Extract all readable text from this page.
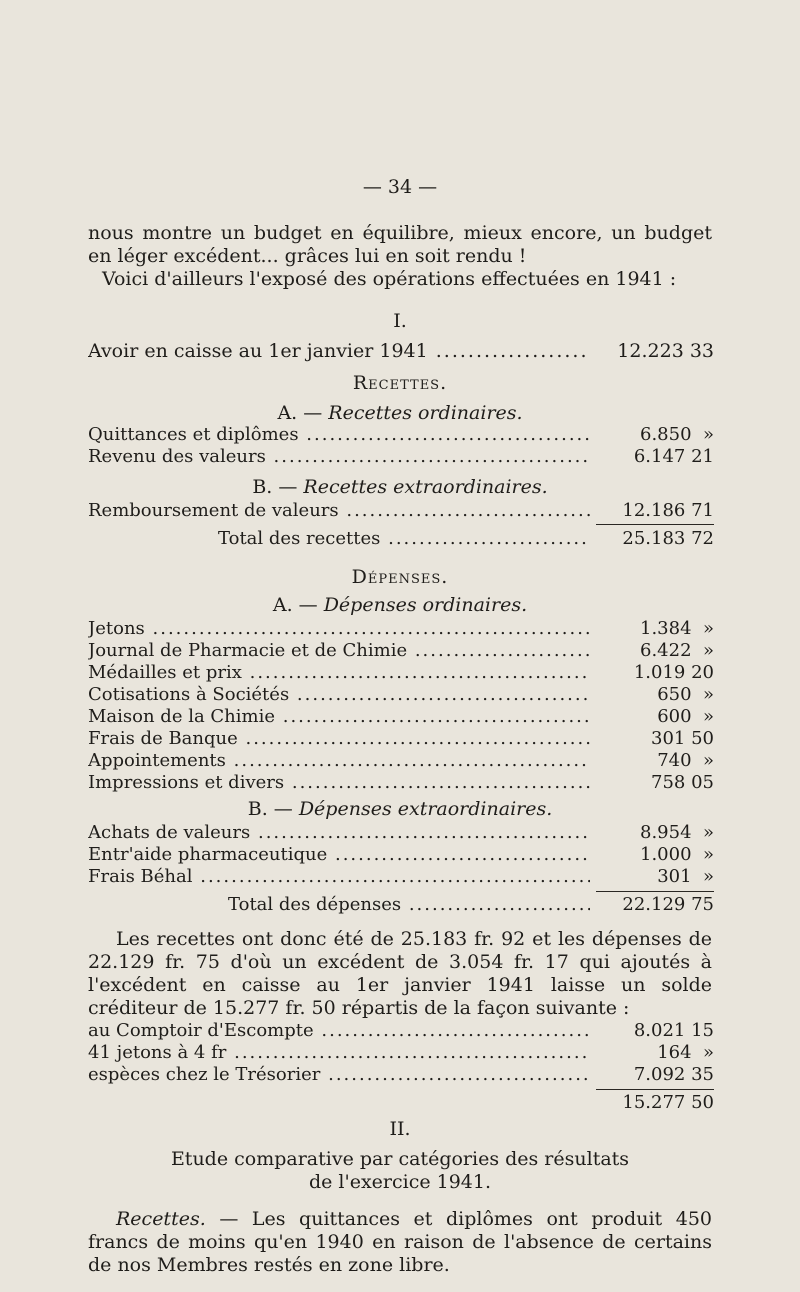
— 34 —
nous montre un budget en équilibre, mieux encore, un budget en léger excédent... grâces lui en soit rendu !
Voici d'ailleurs l'exposé des opérations effectuées en 1941 :
I.
Avoir en caisse au 1er janvier 1941 .....	12.223 33
Recettes.
A. — Recettes ordinaires.
Quittances et diplômes .....	6.850  »
Revenu des valeurs .....	6.147 21
B. — Recettes extraordinaires.
Remboursement de valeurs .....	12.186 71
Total des recettes .....	25.183 72
Dépenses.
A. — Dépenses ordinaires.
Jetons .....	1.384  »
Journal de Pharmacie et de Chimie .....	6.422  »
Médailles et prix .....	1.019 20
Cotisations à Sociétés .....	650  »
Maison de la Chimie .....	600  »
Frais de Banque .....	301 50
Appointements .....	740  »
Impressions et divers .....	758 05
B. — Dépenses extraordinaires.
Achats de valeurs .....	8.954  »
Entr'aide pharmaceutique .....	1.000  »
Frais Béhal .....	301  »
Total des dépenses .....	22.129 75
Les recettes ont donc été de 25.183 fr. 92 et les dépenses de 22.129 fr. 75 d'où un excédent de 3.054 fr. 17 qui ajoutés à l'excédent en caisse au 1er janvier 1941 laisse un solde créditeur de 15.277 fr. 50 répartis de la façon suivante :
au Comptoir d'Escompte .....	8.021 15
41 jetons à 4 fr .....	164  »
espèces chez le Trésorier .....	7.092 35
15.277 50
II.
Etude comparative par catégories des résultats
de l'exercice 1941.
Recettes. — Les quittances et diplômes ont produit 450 francs de moins qu'en 1940 en raison de l'absence de certains de nos Membres restés en zone libre.
